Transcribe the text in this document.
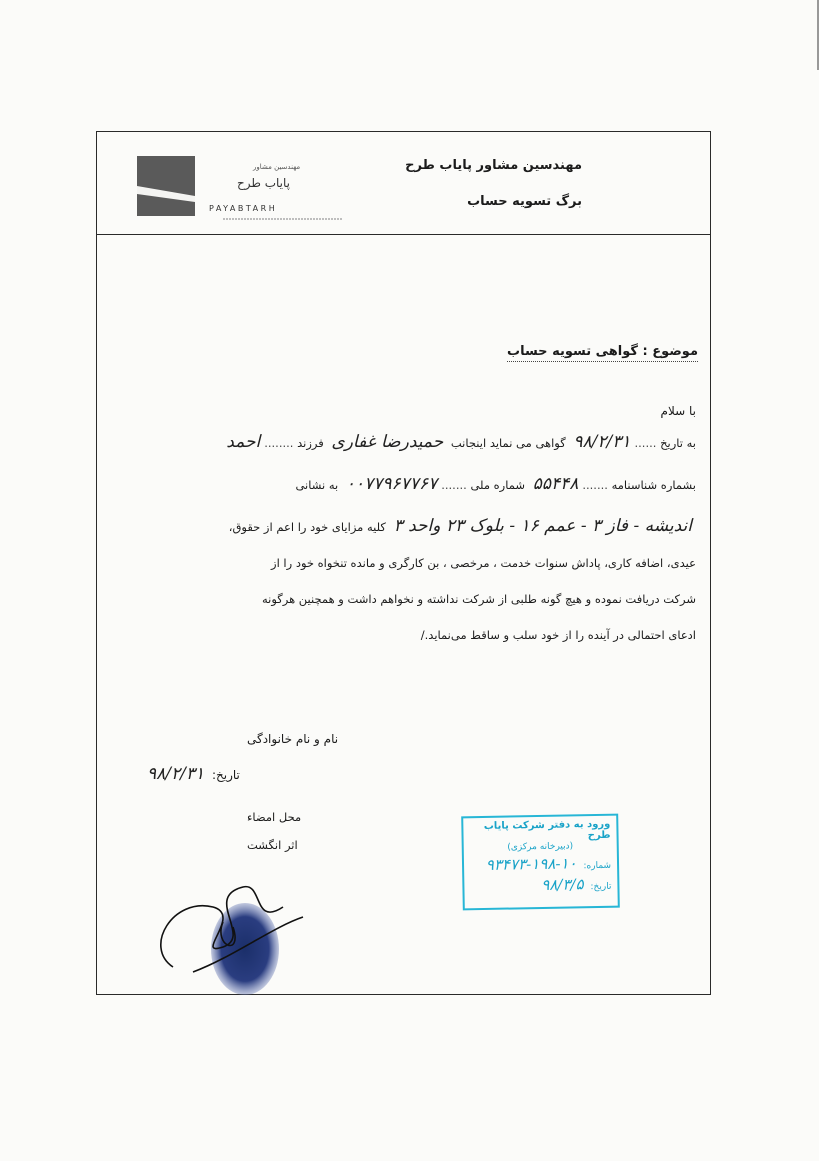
مهندسین مشاور
پایاب طرح
PAYABTARH
مهندسین مشاور پایاب طرح
برگ تسویه حساب
موضوع : گواهی تسویه حساب
با سلام
به تاریخ ......۹۸/۲/۳۱ گواهی می نماید اینجانب حمیدرضا غفاری فرزند ........احمد
بشماره شناسنامه .......۵۵۴۴۸ شماره ملی .......۰۰۷۷۹۶۷۷۶۷ به نشانی
اندیشه - فاز ۳ - عمم ۱۶ - بلوک ۲۳ واحد ۳ کلیه مزایای خود را اعم از حقوق،
عیدی، اضافه کاری، پاداش سنوات خدمت ، مرخصی ، بن کارگری و مانده تنخواه خود را از
شرکت دریافت نموده و هیچ گونه طلبی از شرکت نداشته و نخواهم داشت و همچنین هرگونه
ادعای احتمالی در آینده را از خود سلب و ساقط می‌نماید./
نام و نام خانوادگی
تاریخ: ۹۸/۲/۳۱
محل امضاء
اثر انگشت
ورود به دفتر شرکت پایاب طرح
(دبیرخانه مرکزی)
شماره: ۱۰-۱۹۸-۹۳۴۷۳
تاریخ: ۹۸/۳/۵
